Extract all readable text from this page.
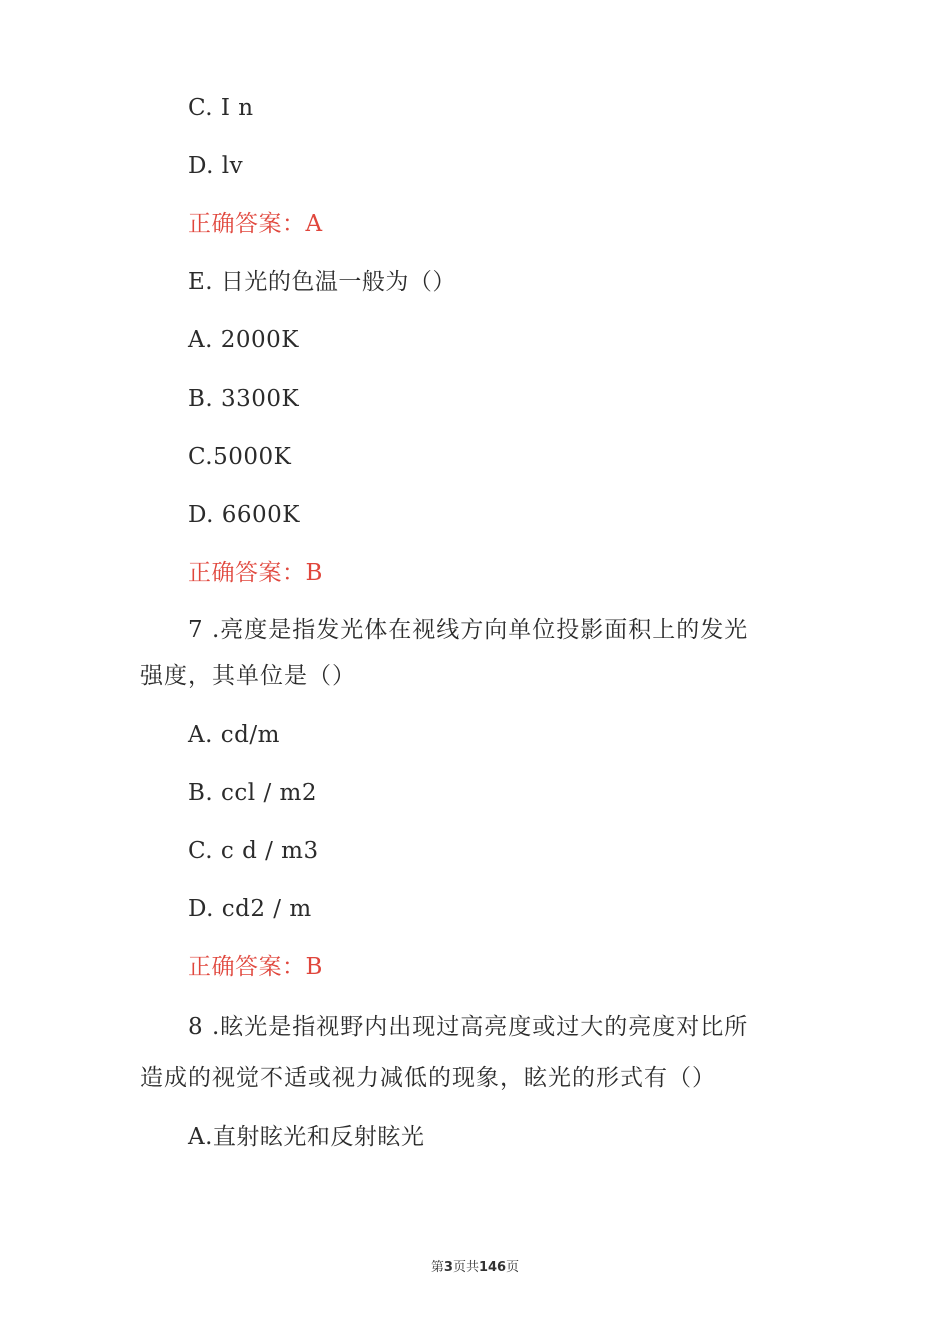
C. I n
D. lv
正确答案：A
E. 日光的色温一般为（）
A. 2000K
B. 3300K
C.5000K
D. 6600K
正确答案：B
7 .亮度是指发光体在视线方向单位投影面积上的发光
强度，其单位是（）
A. cd/m
B. ccl / m2
C. c d / m3
D. cd2 / m
正确答案：B
8 .眩光是指视野内出现过高亮度或过大的亮度对比所
造成的视觉不适或视力减低的现象，眩光的形式有（）
A.直射眩光和反射眩光
第3页共146页
